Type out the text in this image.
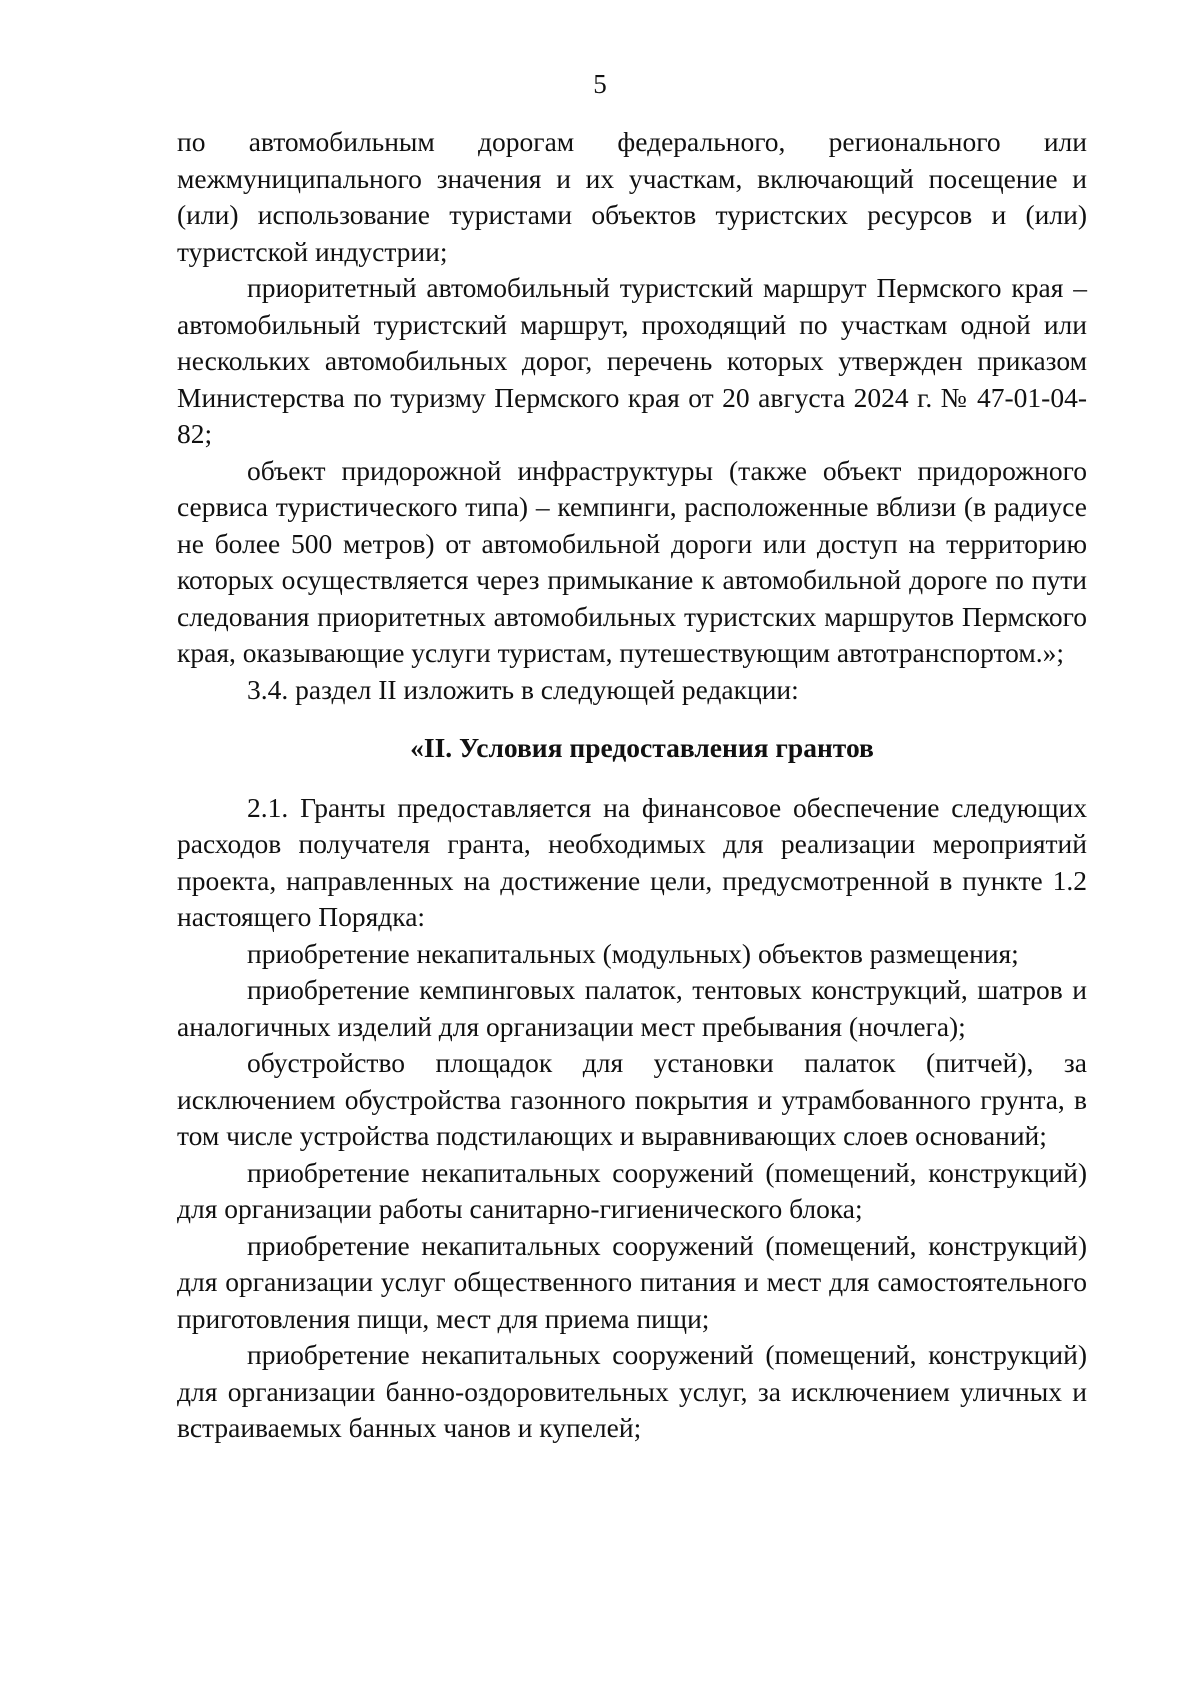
5

по автомобильным дорогам федерального, регионального или межмуниципального значения и их участкам, включающий посещение и (или) использование туристами объектов туристских ресурсов и (или) туристской индустрии;

приоритетный автомобильный туристский маршрут Пермского края – автомобильный туристский маршрут, проходящий по участкам одной или нескольких автомобильных дорог, перечень которых утвержден приказом Министерства по туризму Пермского края от 20 августа 2024 г. № 47-01-04-82;

объект придорожной инфраструктуры (также объект придорожного сервиса туристического типа) – кемпинги, расположенные вблизи (в радиусе не более 500 метров) от автомобильной дороги или доступ на территорию которых осуществляется через примыкание к автомобильной дороге по пути следования приоритетных автомобильных туристских маршрутов Пермского края, оказывающие услуги туристам, путешествующим автотранспортом.»;

3.4. раздел II изложить в следующей редакции:

«II. Условия предоставления грантов

2.1. Гранты предоставляется на финансовое обеспечение следующих расходов получателя гранта, необходимых для реализации мероприятий проекта, направленных на достижение цели, предусмотренной в пункте 1.2 настоящего Порядка:

приобретение некапитальных (модульных) объектов размещения;

приобретение кемпинговых палаток, тентовых конструкций, шатров и аналогичных изделий для организации мест пребывания (ночлега);

обустройство площадок для установки палаток (питчей), за исключением обустройства газонного покрытия и утрамбованного грунта, в том числе устройства подстилающих и выравнивающих слоев оснований;

приобретение некапитальных сооружений (помещений, конструкций) для организации работы санитарно-гигиенического блока;

приобретение некапитальных сооружений (помещений, конструкций) для организации услуг общественного питания и мест для самостоятельного приготовления пищи, мест для приема пищи;

приобретение некапитальных сооружений (помещений, конструкций) для организации банно-оздоровительных услуг, за исключением уличных и встраиваемых банных чанов и купелей;
